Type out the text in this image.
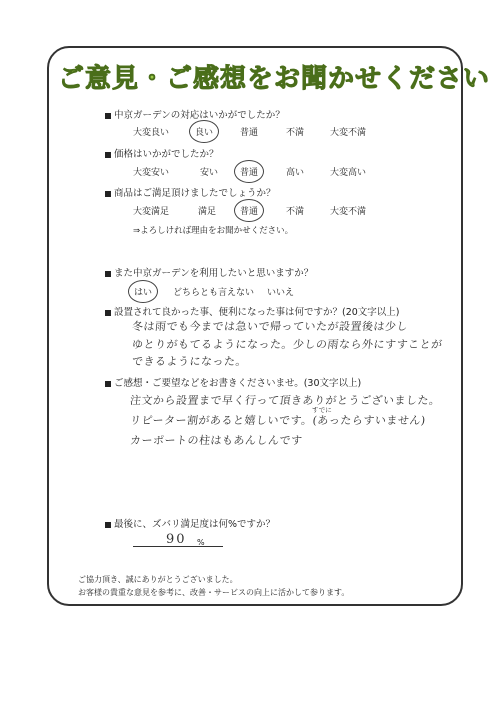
ご意見・ご感想をお聞かせください
中京ガーデンの対応はいかがでしたか？
大変良い	良い	普通	不満	大変不満
価格はいかがでしたか？
大変安い	安い 普通	高い	大変高い
商品はご満足頂けましたでしょうか？
大変満足	満足	普通	不満	大変不満
⇒よろしければ理由をお聞かせください。
また中京ガーデンを利用したいと思いますか？
はい どちらとも言えない いいえ
設置されて良かった事、便利になった事は何ですか？(20文字以上)
冬は雨でも今までは急いで帰っていたが設置後は少し
ゆとりがもてるようになった。少しの雨なら外にすすことが
できるようになった。
ご感想・ご要望などをお書きくださいませ。(30文字以上)
注文から設置まで早く行って頂きありがとうございました。
すでに
リピーター割があると嬉しいです。(あったらすいません)
カーポートの柱はもあんしんです
最後に、ズバリ満足度は何%ですか？
90 %
ご協力頂き、誠にありがとうございました。
お客様の貴重な意見を参考に、改善・サービスの向上に活かして参ります。
